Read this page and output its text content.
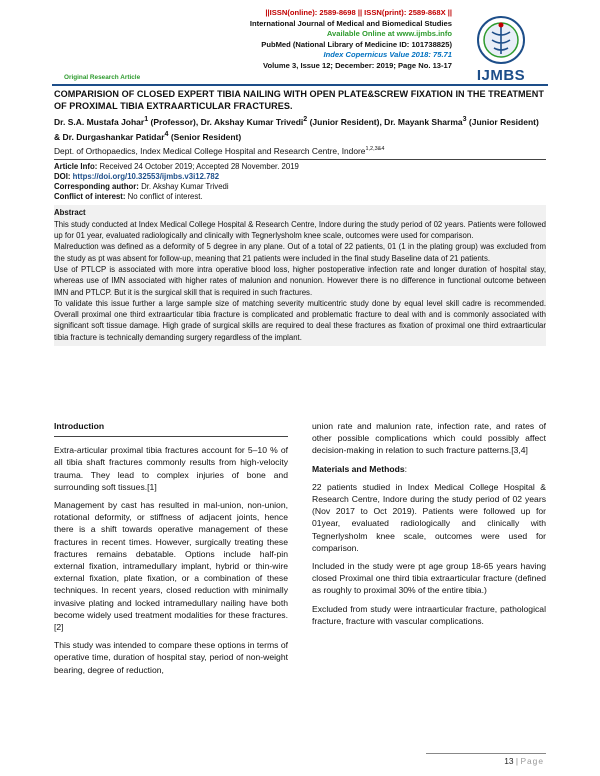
||ISSN(online): 2589-8698 || ISSN(print): 2589-868X ||
International Journal of Medical and Biomedical Studies
Available Online at www.ijmbs.info
PubMed (National Library of Medicine ID: 101738825)
Index Copernicus Value 2018: 75.71
Volume 3, Issue 12; December: 2019; Page No. 13-17
Original Research Article	IJMBS
COMPARISION OF CLOSED EXPERT TIBIA NAILING WITH OPEN PLATE&SCREW FIXATION IN THE TREATMENT OF PROXIMAL TIBIA EXTRAARTICULAR FRACTURES.
Dr. S.A. Mustafa Johar$^1$ (Professor), Dr. Akshay Kumar Trivedi$^2$ (Junior Resident), Dr. Mayank Sharma$^3$ (Junior Resident) & Dr. Durgashankar Patidar$^4$ (Senior Resident)
Dept. of Orthopaedics, Index Medical College Hospital and Research Centre, Indore$^{1,2,3\&4}$
Article Info: Received 24 October 2019; Accepted 28 November. 2019
DOI: https://doi.org/10.32553/ijmbs.v3i12.782
Corresponding author: Dr. Akshay Kumar Trivedi
Conflict of interest: No conflict of interest.
Abstract

This study conducted at Index Medical College Hospital & Research Centre, Indore during the study period of 02 years. Patients were followed up for 01 year, evaluated radiologically and clinically with Tegnerlysholm knee scale, outcomes were used for comparison.

Malreduction was defined as a deformity of 5 degree in any plane. Out of a total of 22 patients, 01 (1 in the plating group) was excluded from the study as pt was absent for follow-up, meaning that 21 patients were included in the final study Baseline data of 21 patients.

Use of PTLCP is associated with more intra operative blood loss, higher postoperative infection rate and longer duration of hospital stay, whereas use of IMN associated with higher rates of malunion and nonunion. However there is no difference in functional outcome between IMN and PTLCP. But it is the surgical skill that is required in such fractures.

To validate this issue further a large sample size of matching severity multicentric study done by equal level skill cadre is recommended. Overall proximal one third extraarticular tibia fracture is complicated and problematic fracture to deal with and is commonly associated with significant soft tissue damage. High grade of surgical skills are required to deal these fractures as fixation of proximal one third extraarticular tibia fracture is technically demanding surgery regardless of the implant.

Introduction

Extra-articular proximal tibia fractures account for 5–10 % of all tibia shaft fractures commonly results from high-velocity trauma. They lead to complex injuries of bone and surrounding soft tissues.[1]

Management by cast has resulted in mal-union, non-union, rotational deformity, or stiffness of adjacent joints, hence there is a shift towards operative management of these fractures in recent times. However, surgically treating these fractures remains debatable. Options include half-pin external fixation, intramedullary implant, hybrid or thin-wire external fixation, plate fixation, or a combination of these techniques. In recent years, closed reduction with minimally invasive plating and locked intramedullary nailing have both become widely used treatment modalities for these fractures.[2]

This study was intended to compare these options in terms of operative time, duration of hospital stay, period of non-weight bearing, degree of reduction,

union rate and malunion rate, infection rate, and rates of other possible complications which could possibly affect decision-making in relation to such fracture patterns.[3,4]

Materials and Methods:

22 patients studied in Index Medical College Hospital & Research Centre, Indore during the study period of 02 years (Nov 2017 to Oct 2019). Patients were followed up for 01year, evaluated radiologically and clinically with Tegnerlysholm knee scale, outcomes were used for comparison.

Included in the study were pt age group 18-65 years having closed Proximal one third tibia extraarticular fracture (defined as roughly to proximal 30% of the entire tibia.)

Excluded from study were intraarticular fracture, pathological fracture, fracture with vascular complications.

13 | Page
